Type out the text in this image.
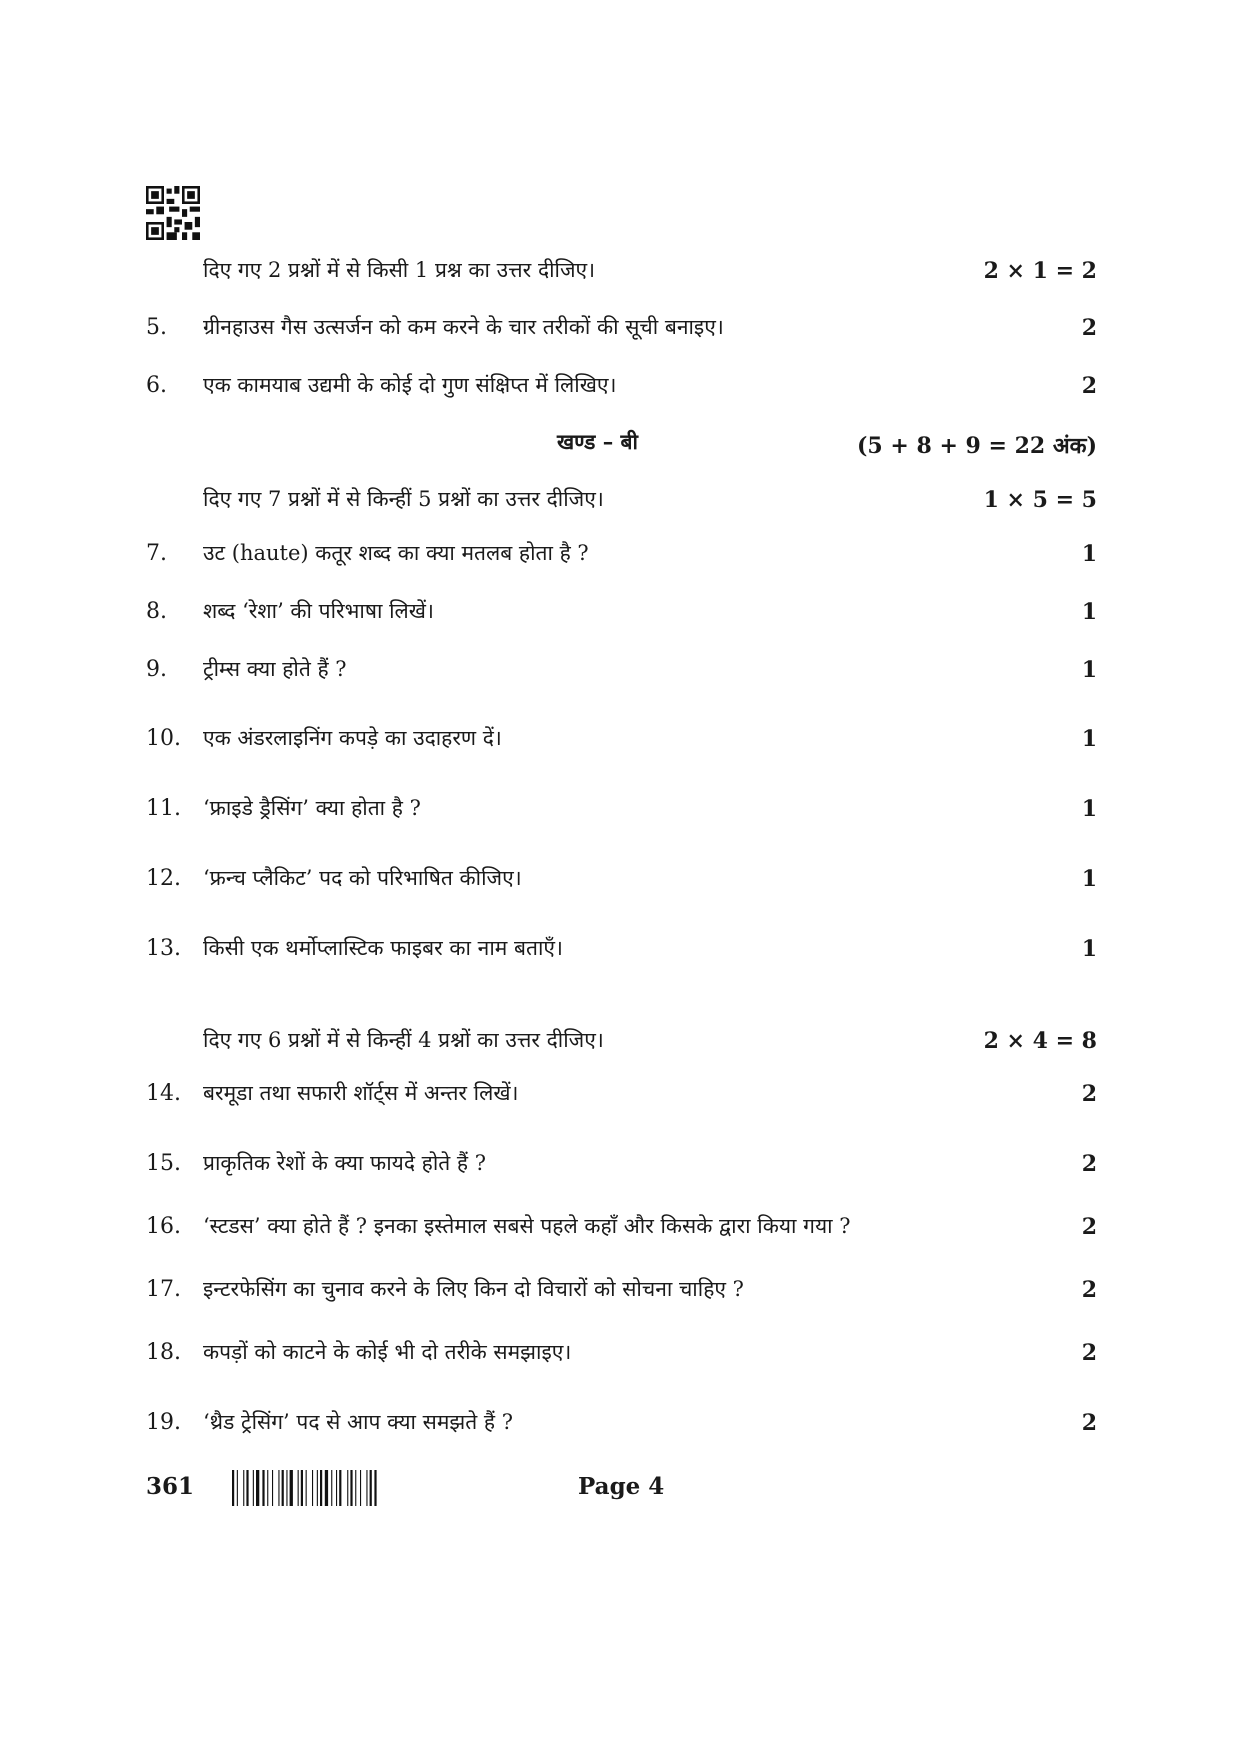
दिए गए 2 प्रश्नों में से किसी 1 प्रश्न का उत्तर दीजिए।	2 × 1 = 2
5. ग्रीनहाउस गैस उत्सर्जन को कम करने के चार तरीकों की सूची बनाइए।	2
6. एक कामयाब उद्यमी के कोई दो गुण संक्षिप्त में लिखिए।	2
खण्ड – बी	(5 + 8 + 9 = 22 अंक)
दिए गए 7 प्रश्नों में से किन्हीं 5 प्रश्नों का उत्तर दीजिए।	1 × 5 = 5
7. उट (haute) कतूर शब्द का क्या मतलब होता है ?	1
8. शब्द ‘रेशा’ की परिभाषा लिखें।	1
9. ट्रीम्स क्या होते हैं ?	1
10. एक अंडरलाइनिंग कपड़े का उदाहरण दें।	1
11. ‘फ्राइडे ड्रैसिंग’ क्या होता है ?	1
12. ‘फ्रन्च प्लैकिट’ पद को परिभाषित कीजिए।	1
13. किसी एक थर्मोप्लास्टिक फाइबर का नाम बताएँ।	1
दिए गए 6 प्रश्नों में से किन्हीं 4 प्रश्नों का उत्तर दीजिए।	2 × 4 = 8
14. बरमूडा तथा सफारी शॉर्ट्स में अन्तर लिखें।	2
15. प्राकृतिक रेशों के क्या फायदे होते हैं ?	2
16. ‘स्टडस’ क्या होते हैं ? इनका इस्तेमाल सबसे पहले कहाँ और किसके द्वारा किया गया ?	2
17. इन्टरफेसिंग का चुनाव करने के लिए किन दो विचारों को सोचना चाहिए ?	2
18. कपड़ों को काटने के कोई भी दो तरीके समझाइए।	2
19. ‘थ्रैड ट्रेसिंग’ पद से आप क्या समझते हैं ?	2
361	Page 4
